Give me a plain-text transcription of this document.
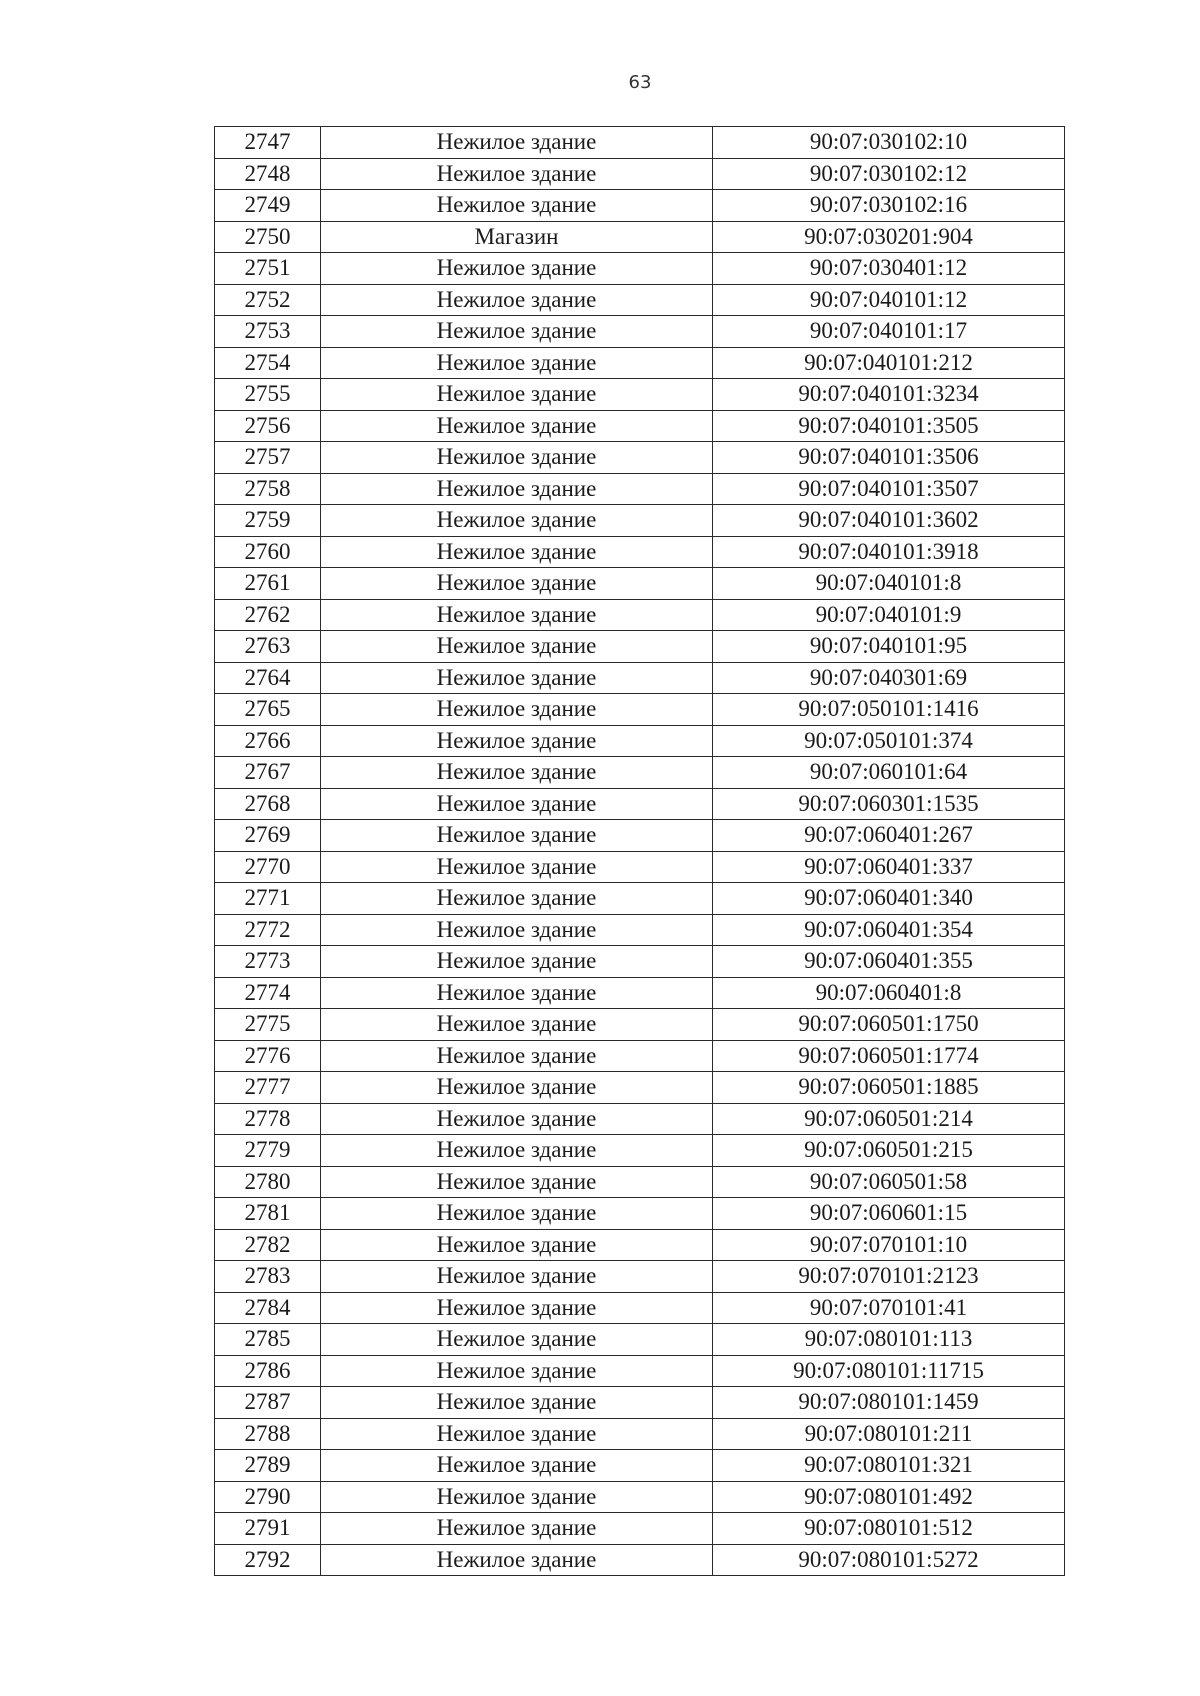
63
2747	Нежилое здание	90:07:030102:10
2748	Нежилое здание	90:07:030102:12
2749	Нежилое здание	90:07:030102:16
2750	Магазин	90:07:030201:904
2751	Нежилое здание	90:07:030401:12
2752	Нежилое здание	90:07:040101:12
2753	Нежилое здание	90:07:040101:17
2754	Нежилое здание	90:07:040101:212
2755	Нежилое здание	90:07:040101:3234
2756	Нежилое здание	90:07:040101:3505
2757	Нежилое здание	90:07:040101:3506
2758	Нежилое здание	90:07:040101:3507
2759	Нежилое здание	90:07:040101:3602
2760	Нежилое здание	90:07:040101:3918
2761	Нежилое здание	90:07:040101:8
2762	Нежилое здание	90:07:040101:9
2763	Нежилое здание	90:07:040101:95
2764	Нежилое здание	90:07:040301:69
2765	Нежилое здание	90:07:050101:1416
2766	Нежилое здание	90:07:050101:374
2767	Нежилое здание	90:07:060101:64
2768	Нежилое здание	90:07:060301:1535
2769	Нежилое здание	90:07:060401:267
2770	Нежилое здание	90:07:060401:337
2771	Нежилое здание	90:07:060401:340
2772	Нежилое здание	90:07:060401:354
2773	Нежилое здание	90:07:060401:355
2774	Нежилое здание	90:07:060401:8
2775	Нежилое здание	90:07:060501:1750
2776	Нежилое здание	90:07:060501:1774
2777	Нежилое здание	90:07:060501:1885
2778	Нежилое здание	90:07:060501:214
2779	Нежилое здание	90:07:060501:215
2780	Нежилое здание	90:07:060501:58
2781	Нежилое здание	90:07:060601:15
2782	Нежилое здание	90:07:070101:10
2783	Нежилое здание	90:07:070101:2123
2784	Нежилое здание	90:07:070101:41
2785	Нежилое здание	90:07:080101:113
2786	Нежилое здание	90:07:080101:11715
2787	Нежилое здание	90:07:080101:1459
2788	Нежилое здание	90:07:080101:211
2789	Нежилое здание	90:07:080101:321
2790	Нежилое здание	90:07:080101:492
2791	Нежилое здание	90:07:080101:512
2792	Нежилое здание	90:07:080101:5272
